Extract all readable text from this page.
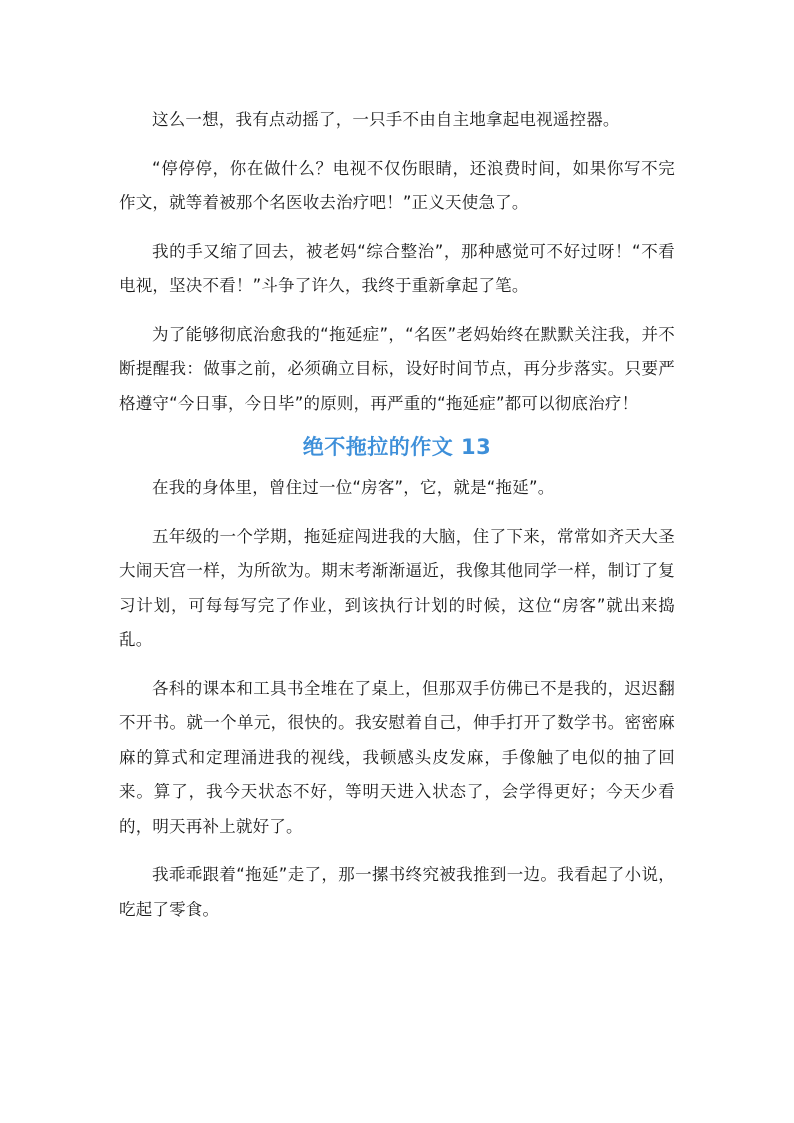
这么一想，我有点动摇了，一只手不由自主地拿起电视遥控器。

“停停停，你在做什么？电视不仅伤眼睛，还浪费时间，如果你写不完作文，就等着被那个名医收去治疗吧！”正义天使急了。

我的手又缩了回去，被老妈“综合整治”，那种感觉可不好过呀！“不看电视，坚决不看！”斗争了许久，我终于重新拿起了笔。

为了能够彻底治愈我的“拖延症”，“名医”老妈始终在默默关注我，并不断提醒我：做事之前，必须确立目标，设好时间节点，再分步落实。只要严格遵守“今日事，今日毕”的原则，再严重的“拖延症”都可以彻底治疗！

绝不拖拉的作文 13

在我的身体里，曾住过一位“房客”，它，就是“拖延”。

五年级的一个学期，拖延症闯进我的大脑，住了下来，常常如齐天大圣大闹天宫一样，为所欲为。期末考渐渐逼近，我像其他同学一样，制订了复习计划，可每每写完了作业，到该执行计划的时候，这位“房客”就出来捣乱。

各科的课本和工具书全堆在了桌上，但那双手仿佛已不是我的，迟迟翻不开书。就一个单元，很快的。我安慰着自己，伸手打开了数学书。密密麻麻的算式和定理涌进我的视线，我顿感头皮发麻，手像触了电似的抽了回来。算了，我今天状态不好，等明天进入状态了，会学得更好；今天少看的，明天再补上就好了。

我乖乖跟着“拖延”走了，那一摞书终究被我推到一边。我看起了小说，吃起了零食。
